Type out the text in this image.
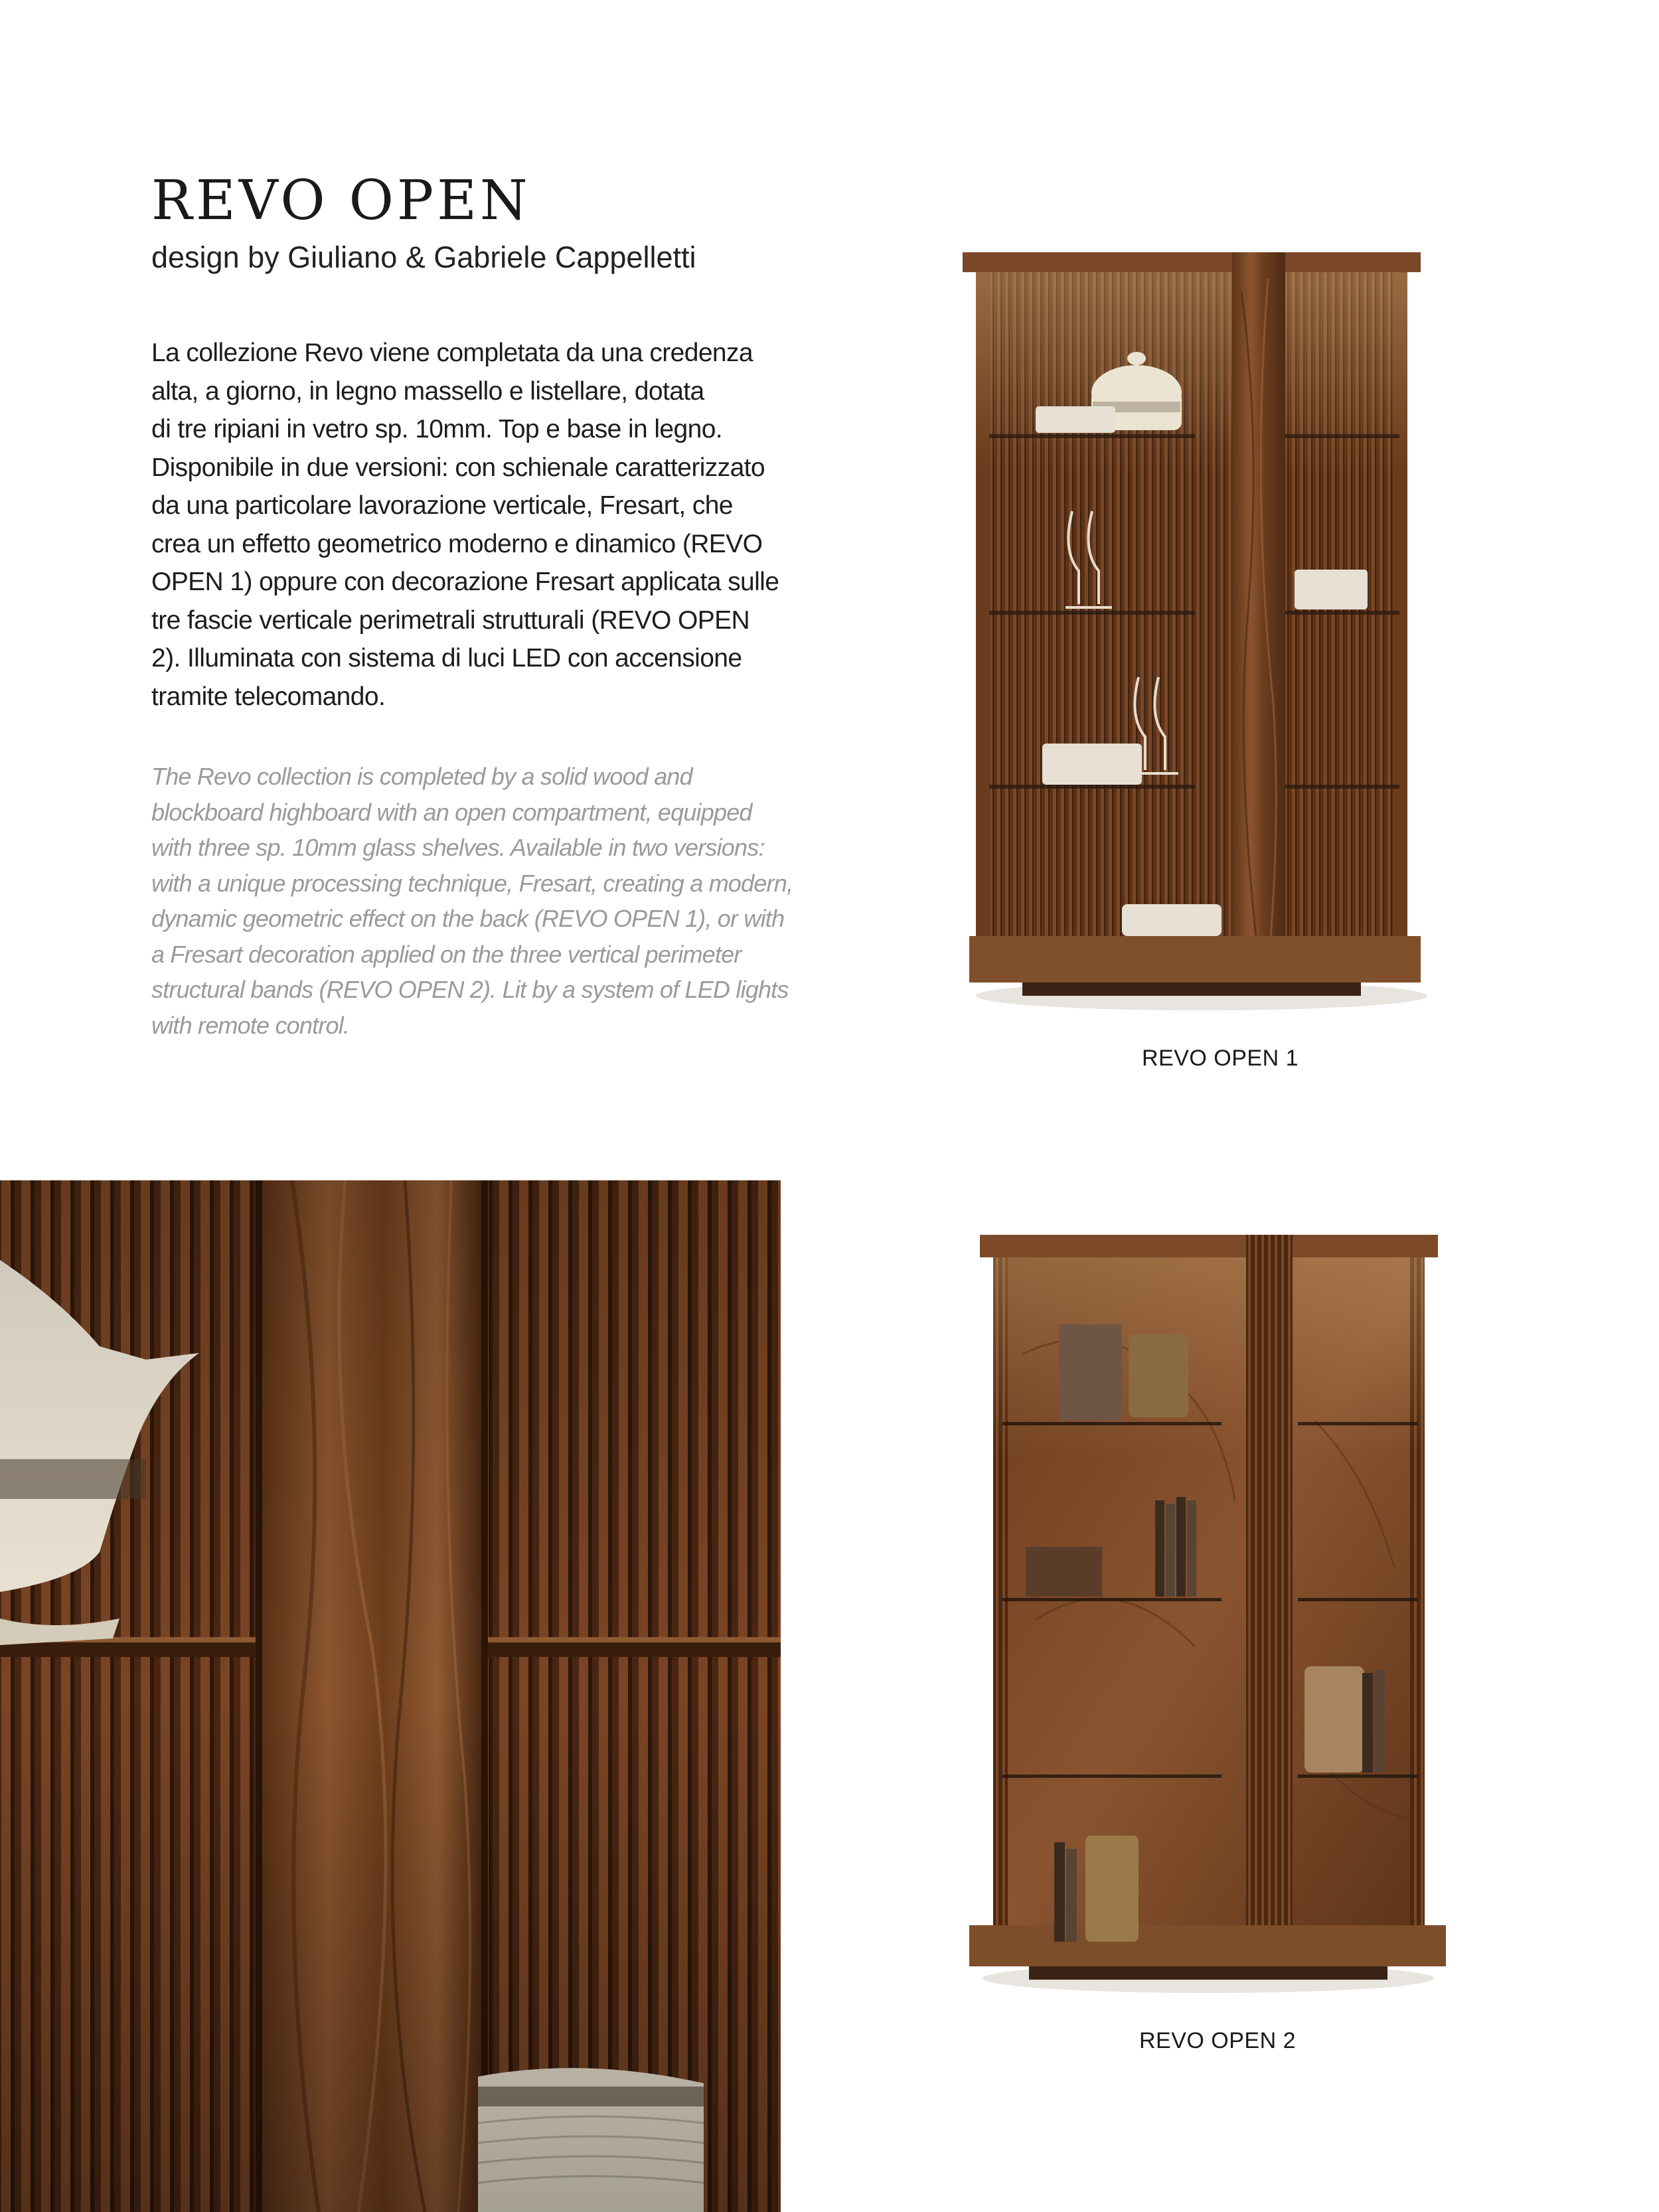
REVO OPEN

design by Giuliano & Gabriele Cappelletti

La collezione Revo viene completata da una credenza
alta, a giorno, in legno massello e listellare, dotata
di tre ripiani in vetro sp. 10mm. Top e base in legno.
Disponibile in due versioni: con schienale caratterizzato
da una particolare lavorazione verticale, Fresart, che
crea un effetto geometrico moderno e dinamico (REVO
OPEN 1) oppure con decorazione Fresart applicata sulle
tre fascie verticale perimetrali strutturali (REVO OPEN
2). Illuminata con sistema di luci LED con accensione
tramite telecomando.
The Revo collection is completed by a solid wood and
blockboard highboard with an open compartment, equipped
with three sp. 10mm glass shelves. Available in two versions:
with a unique processing technique, Fresart, creating a modern,
dynamic geometric effect on the back (REVO OPEN 1), or with
a Fresart decoration applied on the three vertical perimeter
structural bands (REVO OPEN 2). Lit by a system of LED lights
with remote control.
REVO OPEN 1
REVO OPEN 2
